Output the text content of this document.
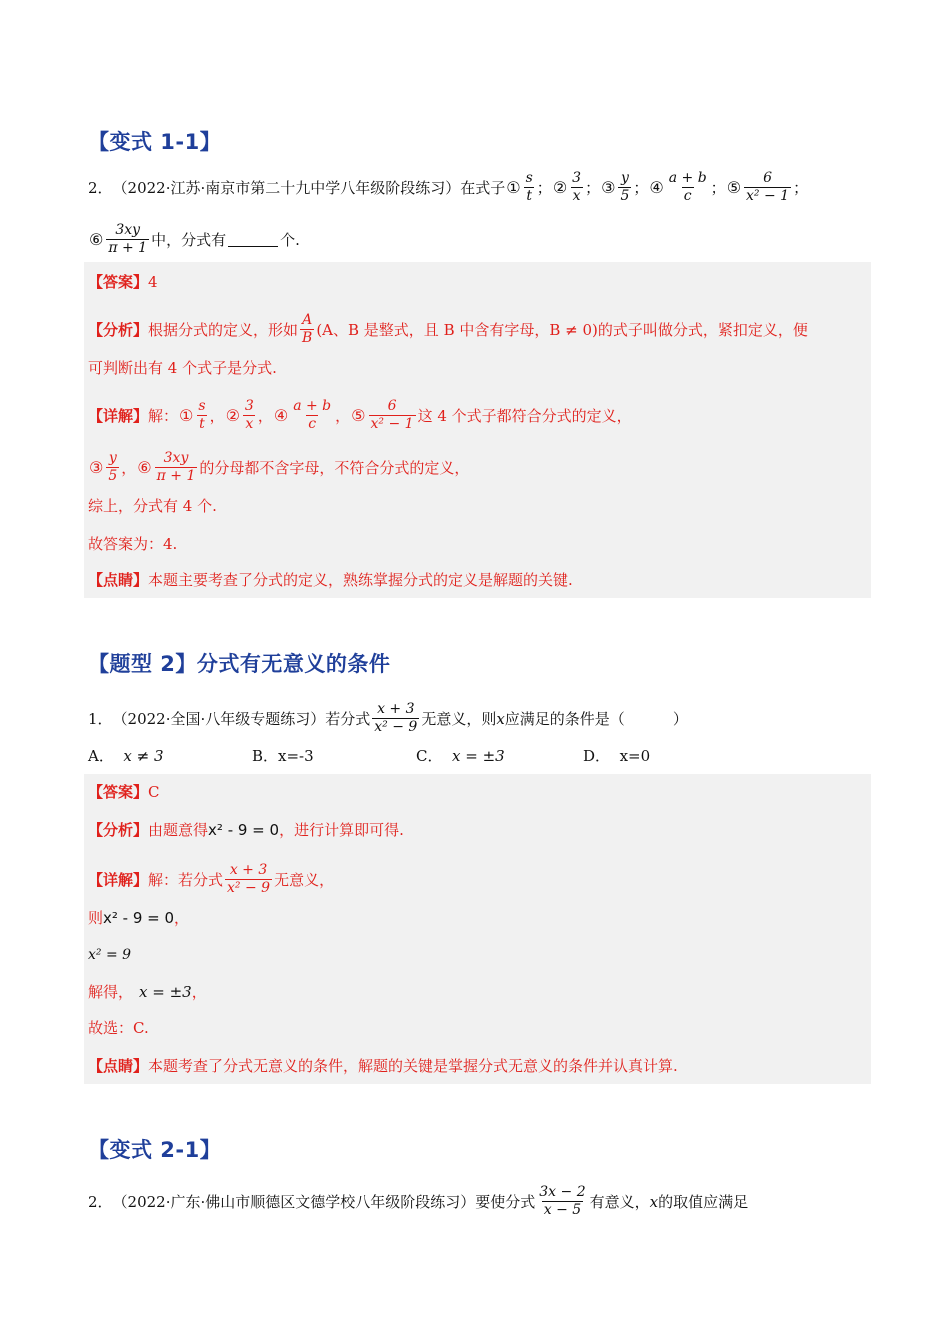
【变式 1-1】
2． （2022·江苏·南京市第二十九中学八年级阶段练习）在式子 ① $\frac{s}{t}$ ； ② $\frac{3}{x}$ ； ③ $\frac{y}{5}$ ； ④ $\frac{a + b}{c}$ ； ⑤ $\frac{6}{\text{x² − 1}}$ ；
⑥ $\frac{3xy}{\pi + 1}$ 中，分式有	个.
【答案】 4
【分析】 根据分式的定义，形如 $\frac{A}{B} (A$、B 是整式，且 B 中含有字母，B ≠ 0)的式子叫做分式，紧扣定义，便
可判断出有 4 个式子是分式.
【详解】 解： ① $\frac{s}{t}$ ， ② $\frac{3}{x}$ ， ④ $\frac{a + b}{c}$ ， ⑤ $\frac{6}{\text{x² − 1}}$ 这 4 个式子都符合分式的定义，
③ $\frac{y}{5}$ ， ⑥ $\frac{3xy}{\pi + 1}$ 的分母都不含字母，不符合分式的定义，
综上，分式有 4 个.
故答案为：4.
【点睛】 本题主要考查了分式的定义，熟练掌握分式的定义是解题的关键.
【题型 2】分式有无意义的条件
1． （2022·全国·八年级专题练习）若分式 $\frac{x + 3}{\text{x² − 9}}$ 无意义，则 x 应满足的条件是（	）
A． x ≠ 3	B．x=-3	C． x = ±3	D． x=0
【答案】 C
【分析】 由题意得 x² - 9 = 0 ，进行计算即可得.
【详解】 解：若分式 $\frac{x + 3}{\text{x² − 9}}$ 无意义，
则 x² - 9 = 0 ，
x² = 9
解得， x = ±3 ，
故选：C.
【点睛】 本题考查了分式无意义的条件，解题的关键是掌握分式无意义的条件并认真计算.
【变式 2-1】
2． （2022·广东·佛山市顺德区文德学校八年级阶段练习）要使分式 $\frac{3x - 2}{x - 5}$ 有意义， x 的取值应满足
